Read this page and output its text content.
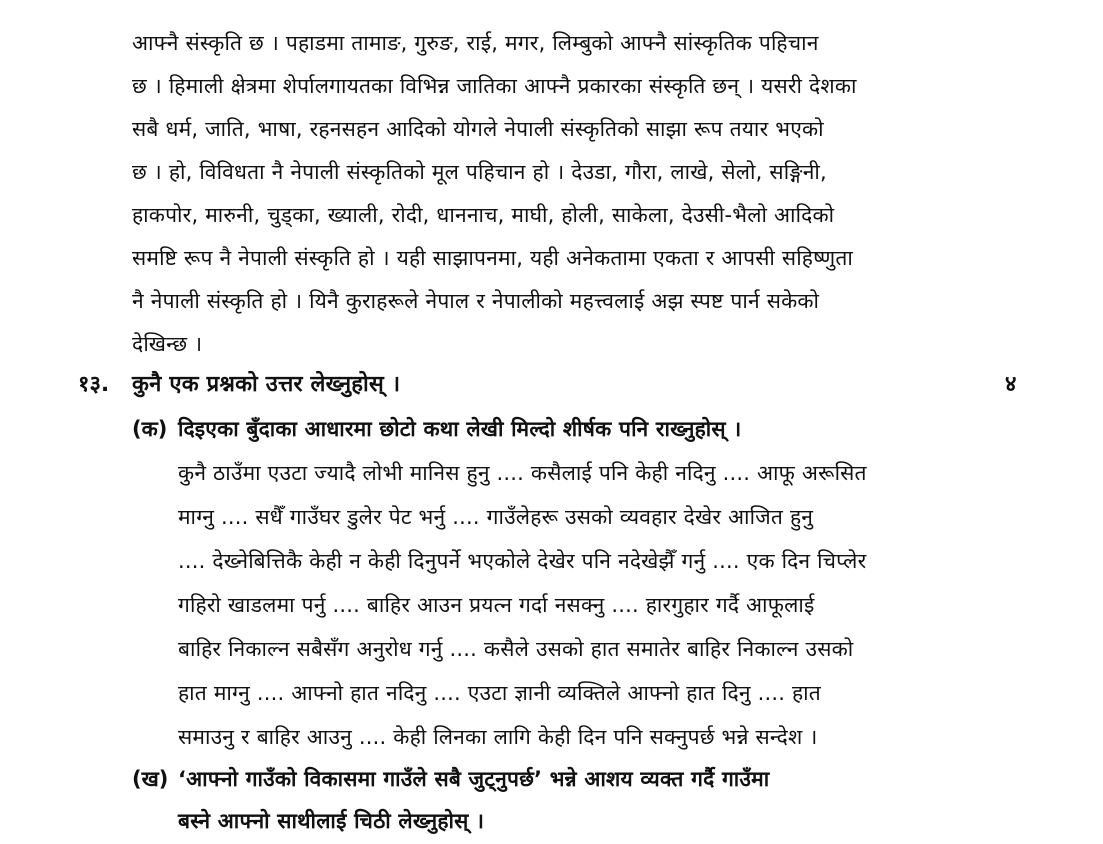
आफ्नै संस्कृति छ । पहाडमा तामाङ, गुरुङ, राई, मगर, लिम्बुको आफ्नै सांस्कृतिक पहिचान
छ । हिमाली क्षेत्रमा शेर्पालगायतका विभिन्न जातिका आफ्नै प्रकारका संस्कृति छन् । यसरी देशका
सबै धर्म, जाति, भाषा, रहनसहन आदिको योगले नेपाली संस्कृतिको साझा रूप तयार भएको
छ । हो, विविधता नै नेपाली संस्कृतिको मूल पहिचान हो । देउडा, गौरा, लाखे, सेलो, सङ्गिनी,
हाकपोर, मारुनी, चुड्का, ख्याली, रोदी, धाननाच, माघी, होली, साकेला, देउसी-भैलो आदिको
समष्टि रूप नै नेपाली संस्कृति हो । यही साझापनमा, यही अनेकतामा एकता र आपसी सहिष्णुता
नै नेपाली संस्कृति हो । यिनै कुराहरूले नेपाल र नेपालीको महत्त्वलाई अझ स्पष्ट पार्न सकेको
देखिन्छ ।
१३. कुनै एक प्रश्नको उत्तर लेख्नुहोस् ।	४
(क) दिइएका बुँदाका आधारमा छोटो कथा लेखी मिल्दो शीर्षक पनि राख्नुहोस् ।
कुनै ठाउँमा एउटा ज्यादै लोभी मानिस हुनु .... कसैलाई पनि केही नदिनु .... आफू अरूसित
माग्नु .... सधैँ गाउँघर डुलेर पेट भर्नु .... गाउँलेहरू उसको व्यवहार देखेर आजित हुनु
.... देख्नेबित्तिकै केही न केही दिनुपर्ने भएकोले देखेर पनि नदेखेझैँ गर्नु .... एक दिन चिप्लेर
गहिरो खाडलमा पर्नु .... बाहिर आउन प्रयत्न गर्दा नसक्नु .... हारगुहार गर्दै आफूलाई
बाहिर निकाल्न सबैसँग अनुरोध गर्नु .... कसैले उसको हात समातेर बाहिर निकाल्न उसको
हात माग्नु .... आफ्नो हात नदिनु .... एउटा ज्ञानी व्यक्तिले आफ्नो हात दिनु .... हात
समाउनु र बाहिर आउनु .... केही लिनका लागि केही दिन पनि सक्नुपर्छ भन्ने सन्देश ।
(ख) ‘आफ्नो गाउँको विकासमा गाउँले सबै जुट्नुपर्छ’ भन्ने आशय व्यक्त गर्दै गाउँमा
बस्ने आफ्नो साथीलाई चिठी लेख्नुहोस् ।
